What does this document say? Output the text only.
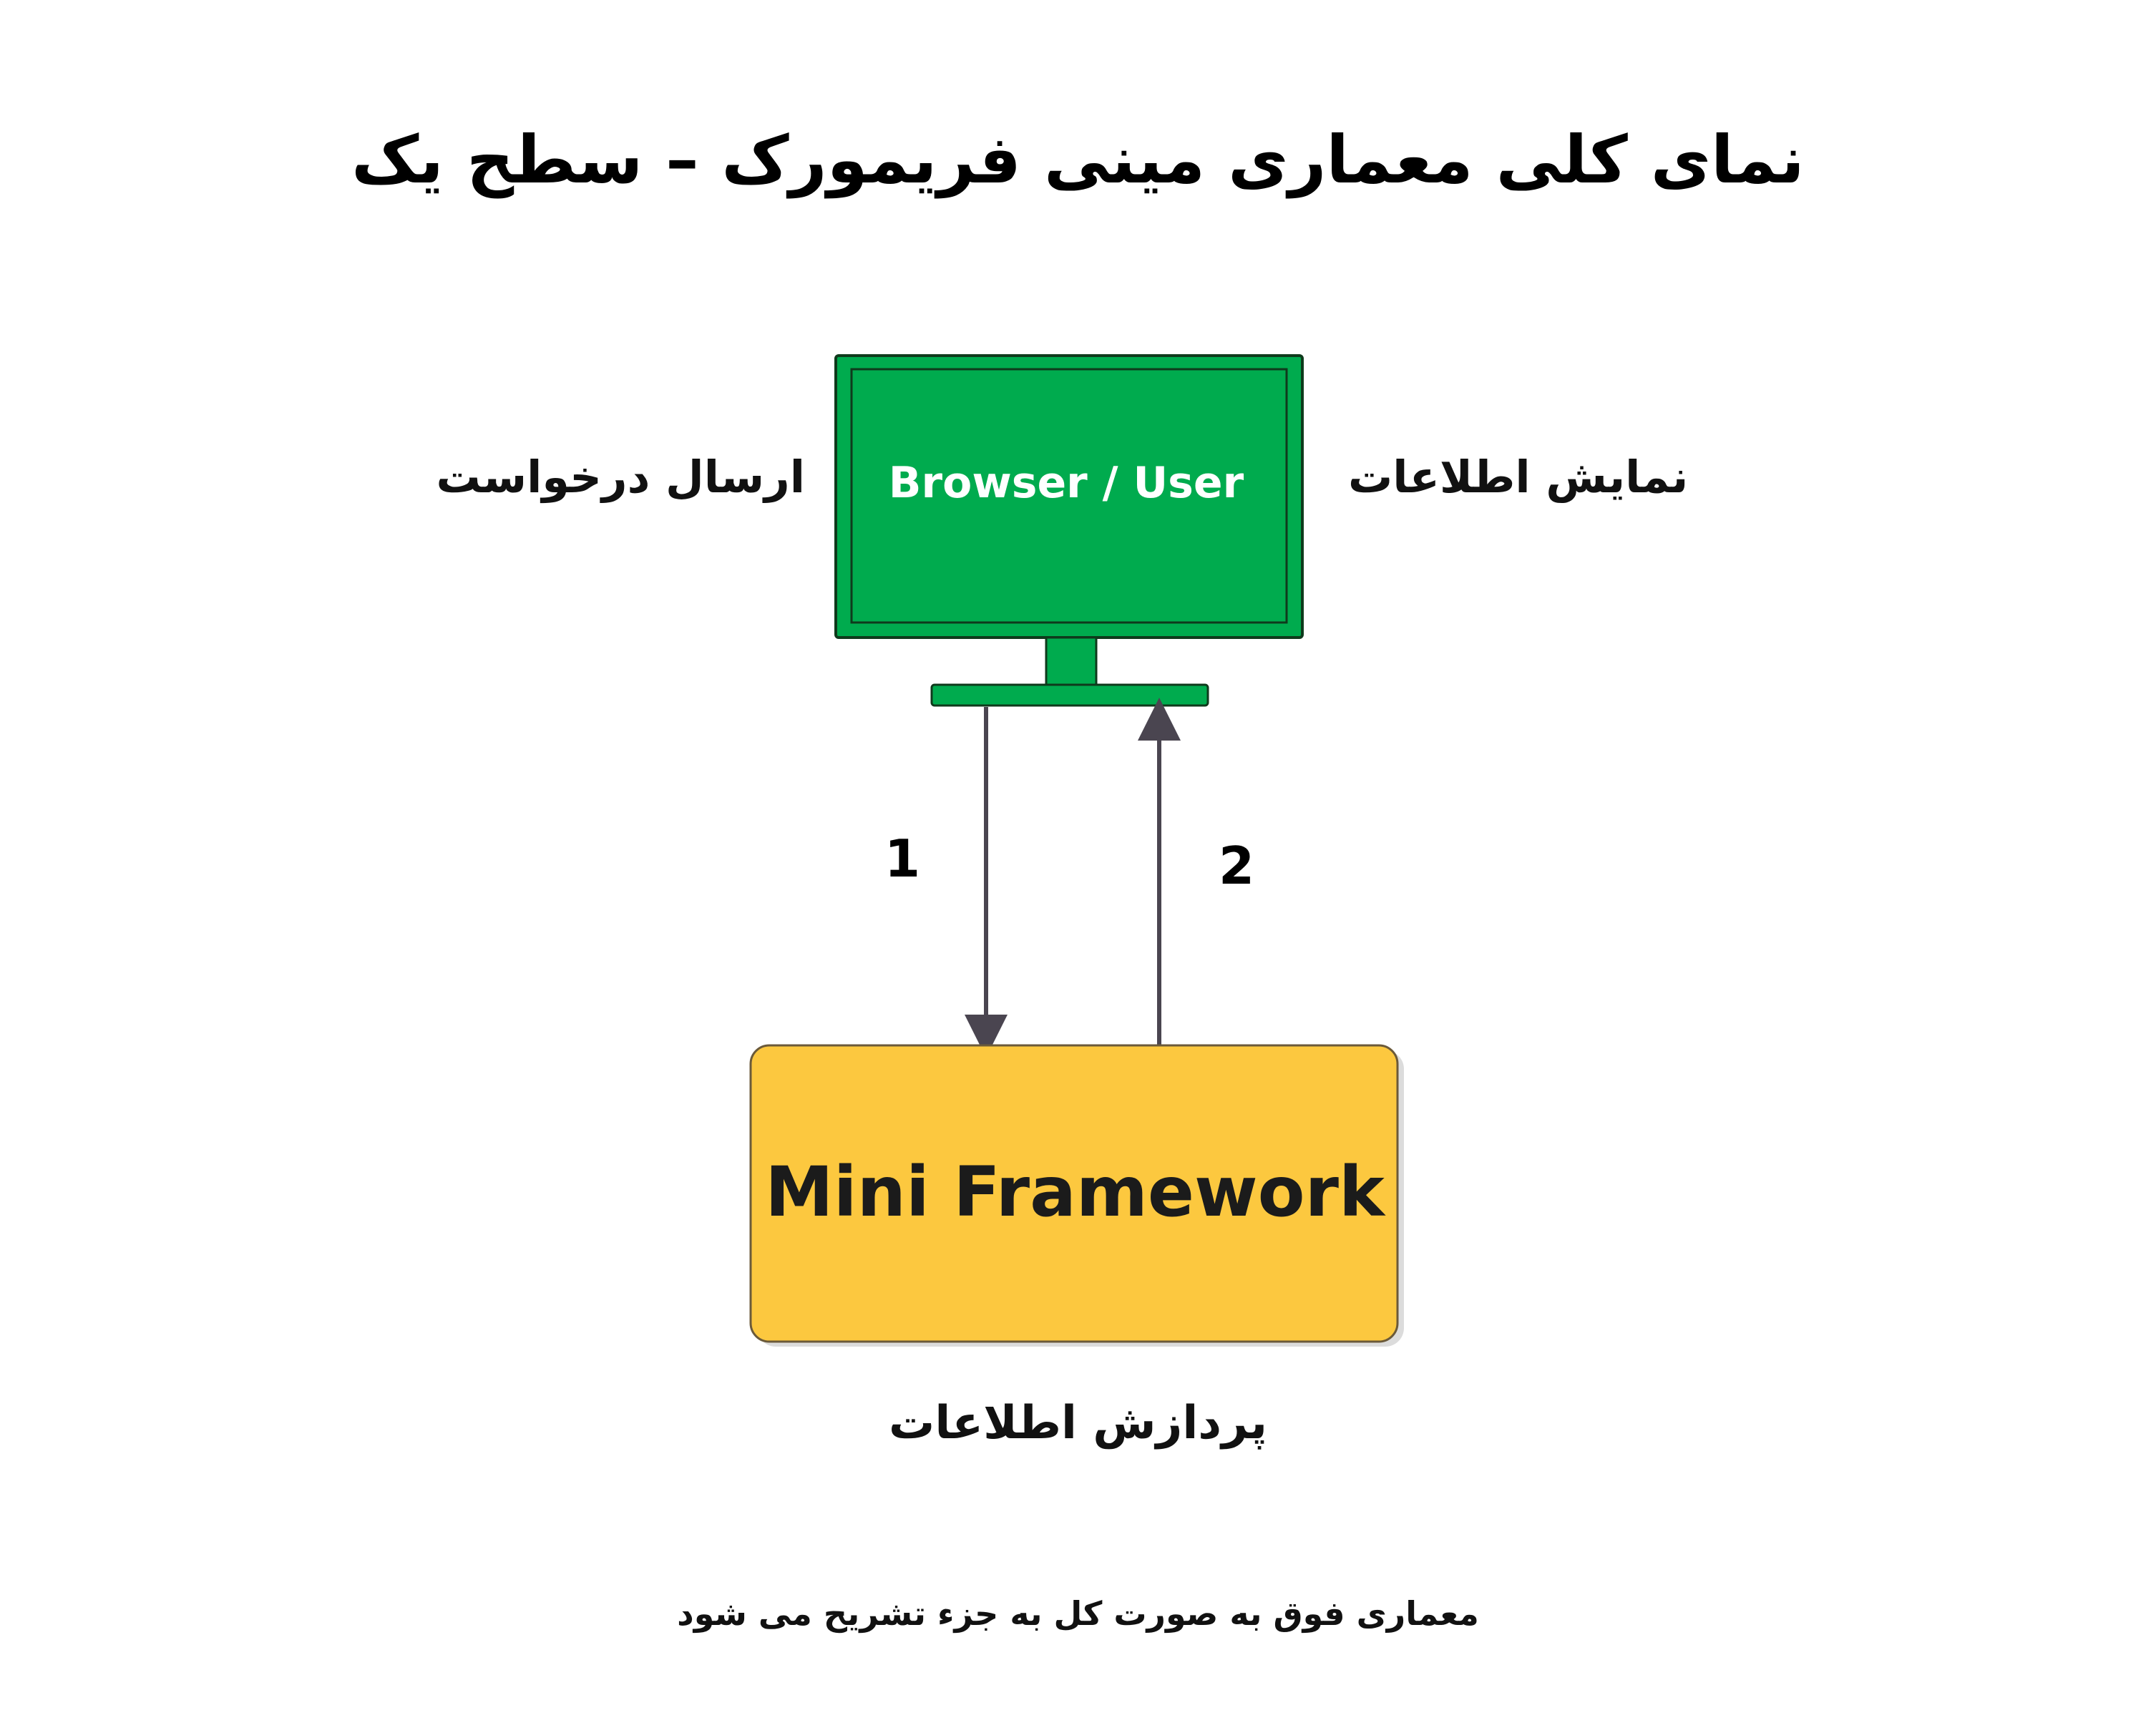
نمای کلی معماری مینی فریمورک – سطح یک
ارسال درخواست	نمایش اطلاعات
Browser / User
1	2
Mini Framework
پردازش اطلاعات
معماری فوق به صورت کل به جزء تشریح می شود
